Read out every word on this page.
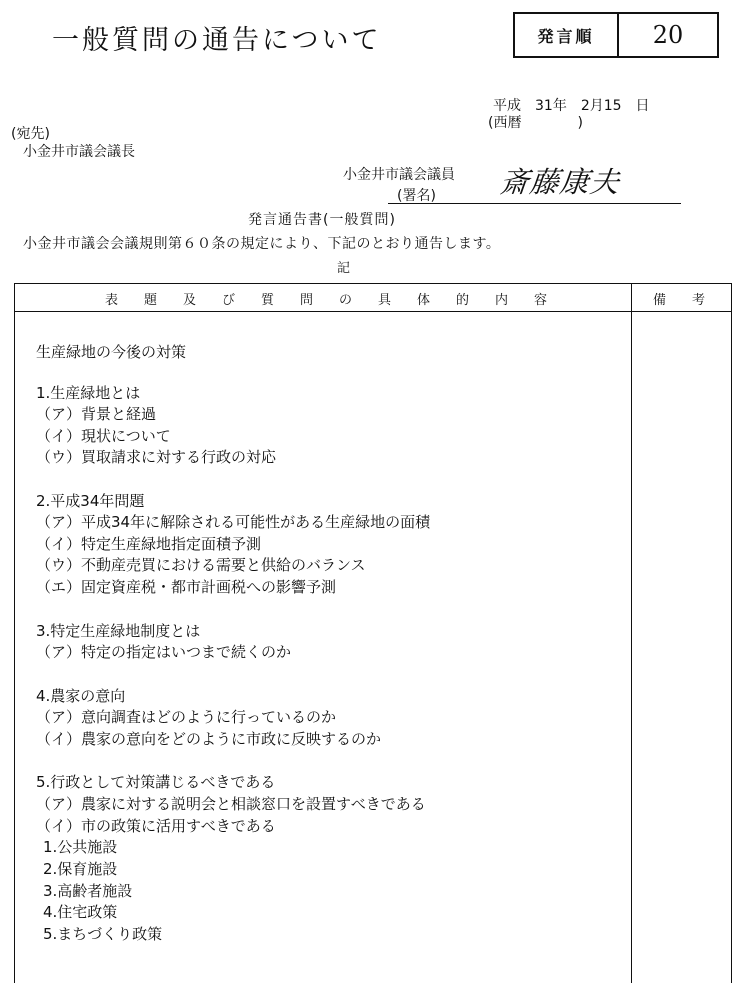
一般質問の通告について	発言順	20
平成　31年　2月15　日
(西暦　　　　)
(宛先)
小金井市議会議長
小金井市議会議員
(署名) 斎藤康夫
発言通告書(一般質問)
小金井市議会会議規則第６０条の規定により、下記のとおり通告します。
記
表　　題　　及　　び　　質　　問　　の　　具　　体　　的　　内　　容	備　　考
生産緑地の今後の対策
1.生産緑地とは
（ア）背景と経過
（イ）現状について
（ウ）買取請求に対する行政の対応
2.平成34年問題
（ア）平成34年に解除される可能性がある生産緑地の面積
（イ）特定生産緑地指定面積予測
（ウ）不動産売買における需要と供給のバランス
（エ）固定資産税・都市計画税への影響予測
3.特定生産緑地制度とは
（ア）特定の指定はいつまで続くのか
4.農家の意向
（ア）意向調査はどのように行っているのか
（イ）農家の意向をどのように市政に反映するのか
5.行政として対策講じるべきである
（ア）農家に対する説明会と相談窓口を設置すべきである
（イ）市の政策に活用すべきである
1.公共施設
2.保育施設
3.高齢者施設
4.住宅政策
5.まちづくり政策
